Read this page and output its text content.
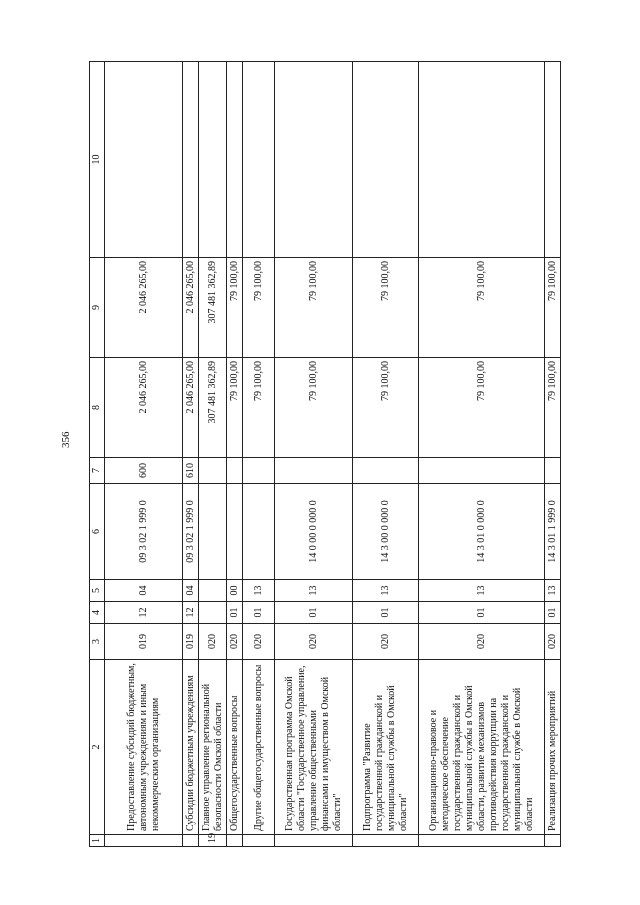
356
1	2	3	4	5	6	7	8	9	10
	Предоставление субсидий бюджетным, автономным учреждениям и иным некоммерческим организациям	019	12	04	09 3 02 1 999 0	600	2 046 265,00	2 046 265,00	
	Субсидии бюджетным учреждениям	019	12	04	09 3 02 1 999 0	610	2 046 265,00	2 046 265,00	
19	Главное управление региональной безопасности Омской области	020					307 481 362,89	307 481 362,89	
	Общегосударственные вопросы	020	01	00			79 100,00	79 100,00	
	Другие общегосударственные вопросы	020	01	13			79 100,00	79 100,00	
	Государственная программа Омской области "Государственное управление, управление общественными финансами и имуществом в Омской области"	020	01	13	14 0 00 0 000 0		79 100,00	79 100,00	
	Подпрограмма "Развитие государственной гражданской и муниципальной службы в Омской области"	020	01	13	14 3 00 0 000 0		79 100,00	79 100,00	
	Организационно-правовое и методическое обеспечение государственной гражданской и муниципальной службы в Омской области, развитие механизмов противодействия коррупции на государственной гражданской и муниципальной службе в Омской области	020	01	13	14 3 01 0 000 0		79 100,00	79 100,00	
	Реализация прочих мероприятий	020	01	13	14 3 01 1 999 0		79 100,00	79 100,00	
